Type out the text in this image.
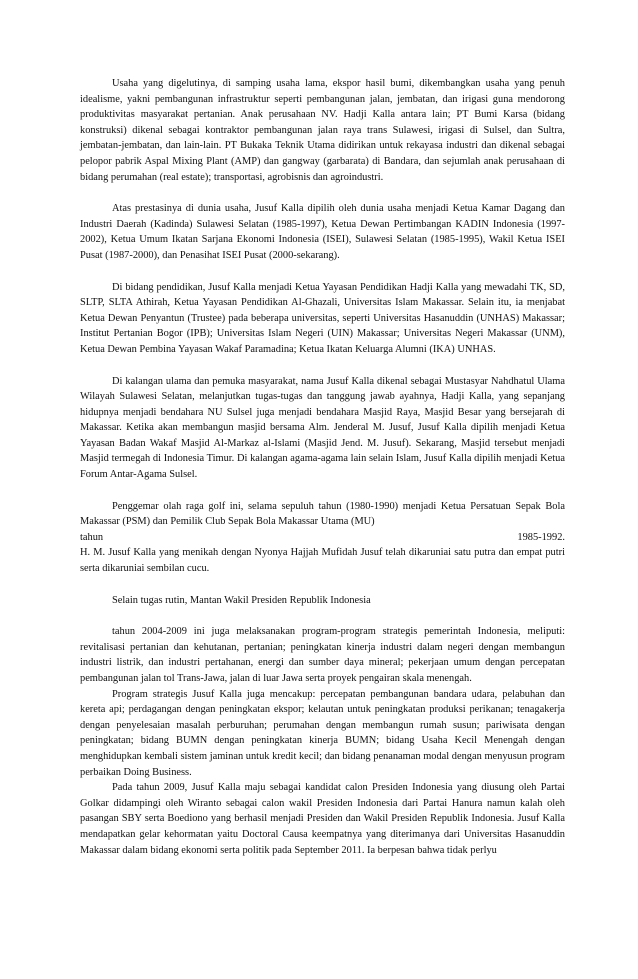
Usaha yang digelutinya, di samping usaha lama, ekspor hasil bumi, dikembangkan usaha yang penuh idealisme, yakni pembangunan infrastruktur seperti pembangunan jalan, jembatan, dan irigasi guna mendorong produktivitas masyarakat pertanian. Anak perusahaan NV. Hadji Kalla antara lain; PT Bumi Karsa (bidang konstruksi) dikenal sebagai kontraktor pembangunan jalan raya trans Sulawesi, irigasi di Sulsel, dan Sultra, jembatan-jembatan, dan lain-lain. PT Bukaka Teknik Utama didirikan untuk rekayasa industri dan dikenal sebagai pelopor pabrik Aspal Mixing Plant (AMP) dan gangway (garbarata) di Bandara, dan sejumlah anak perusahaan di bidang perumahan (real estate); transportasi, agrobisnis dan agroindustri.

Atas prestasinya di dunia usaha, Jusuf Kalla dipilih oleh dunia usaha menjadi Ketua Kamar Dagang dan Industri Daerah (Kadinda) Sulawesi Selatan (1985-1997), Ketua Dewan Pertimbangan KADIN Indonesia (1997-2002), Ketua Umum Ikatan Sarjana Ekonomi Indonesia (ISEI), Sulawesi Selatan (1985-1995), Wakil Ketua ISEI Pusat (1987-2000), dan Penasihat ISEI Pusat (2000-sekarang).

Di bidang pendidikan, Jusuf Kalla menjadi Ketua Yayasan Pendidikan Hadji Kalla yang mewadahi TK, SD, SLTP, SLTA Athirah, Ketua Yayasan Pendidikan Al-Ghazali, Universitas Islam Makassar. Selain itu, ia menjabat Ketua Dewan Penyantun (Trustee) pada beberapa universitas, seperti Universitas Hasanuddin (UNHAS) Makassar; Institut Pertanian Bogor (IPB); Universitas Islam Negeri (UIN) Makassar; Universitas Negeri Makassar (UNM), Ketua Dewan Pembina Yayasan Wakaf Paramadina; Ketua Ikatan Keluarga Alumni (IKA) UNHAS.

Di kalangan ulama dan pemuka masyarakat, nama Jusuf Kalla dikenal sebagai Mustasyar Nahdhatul Ulama Wilayah Sulawesi Selatan, melanjutkan tugas-tugas dan tanggung jawab ayahnya, Hadji Kalla, yang sepanjang hidupnya menjadi bendahara NU Sulsel juga menjadi bendahara Masjid Raya, Masjid Besar yang bersejarah di Makassar. Ketika akan membangun masjid bersama Alm. Jenderal M. Jusuf, Jusuf Kalla dipilih menjadi Ketua Yayasan Badan Wakaf Masjid Al-Markaz al-Islami (Masjid Jend. M. Jusuf). Sekarang, Masjid tersebut menjadi Masjid termegah di Indonesia Timur. Di kalangan agama-agama lain selain Islam, Jusuf Kalla dipilih menjadi Ketua Forum Antar-Agama Sulsel.

Penggemar olah raga golf ini, selama sepuluh tahun (1980-1990) menjadi Ketua Persatuan Sepak Bola Makassar (PSM) dan Pemilik Club Sepak Bola Makassar Utama (MU)

tahun	1985-1992.

H. M. Jusuf Kalla yang menikah dengan Nyonya Hajjah Mufidah Jusuf telah dikaruniai satu putra dan empat putri serta dikaruniai sembilan cucu.

Selain tugas rutin, Mantan Wakil Presiden Republik Indonesia

tahun 2004-2009 ini juga melaksanakan program-program strategis pemerintah Indonesia, meliputi: revitalisasi pertanian dan kehutanan, pertanian; peningkatan kinerja industri dalam negeri dengan membangun industri listrik, dan industri pertahanan, energi dan sumber daya mineral; pekerjaan umum dengan percepatan pembangunan jalan tol Trans-Jawa, jalan di luar Jawa serta proyek pengairan skala menengah.

Program strategis Jusuf Kalla juga mencakup: percepatan pembangunan bandara udara, pelabuhan dan kereta api; perdagangan dengan peningkatan ekspor; kelautan untuk peningkatan produksi perikanan; tenagakerja dengan penyelesaian masalah perburuhan; perumahan dengan membangun rumah susun; pariwisata dengan peningkatan; bidang BUMN dengan peningkatan kinerja BUMN; bidang Usaha Kecil Menengah dengan menghidupkan kembali sistem jaminan untuk kredit kecil; dan bidang penanaman modal dengan menyusun program perbaikan Doing Business.

Pada tahun 2009, Jusuf Kalla maju sebagai kandidat calon Presiden Indonesia yang diusung oleh Partai Golkar didampingi oleh Wiranto sebagai calon wakil Presiden Indonesia dari Partai Hanura namun kalah oleh pasangan SBY serta Boediono yang berhasil menjadi Presiden dan Wakil Presiden Republik Indonesia. Jusuf Kalla mendapatkan gelar kehormatan yaitu Doctoral Causa keempatnya yang diterimanya dari Universitas Hasanuddin Makassar dalam bidang ekonomi serta politik pada September 2011. Ia berpesan bahwa tidak perlyu
